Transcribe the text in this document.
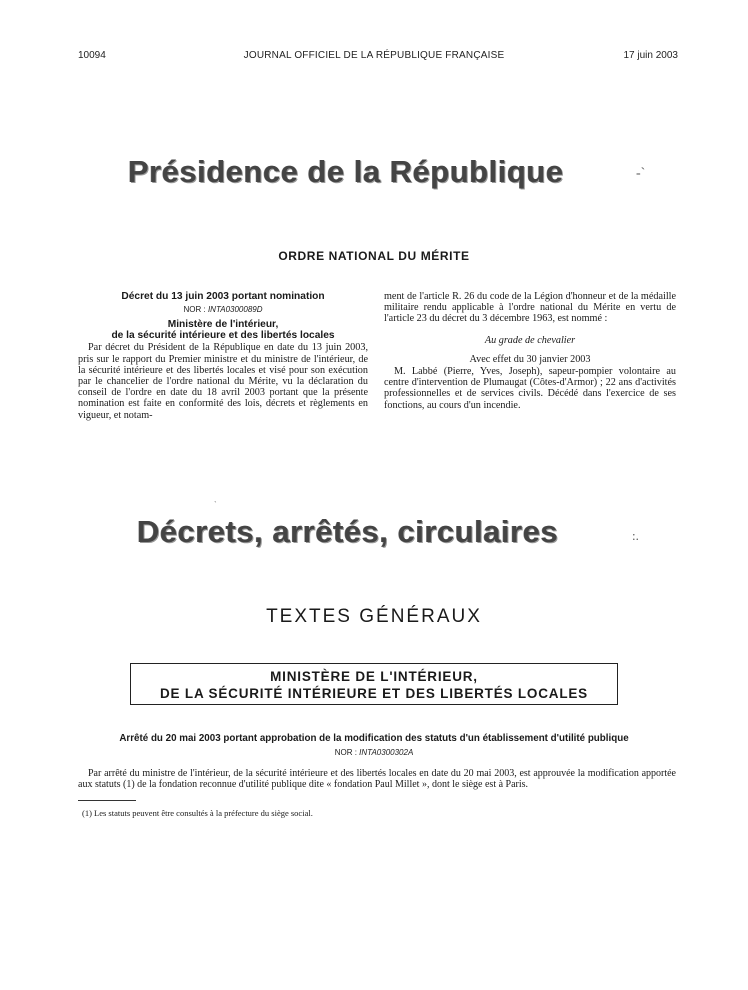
10094	JOURNAL OFFICIEL DE LA RÉPUBLIQUE FRANÇAISE	17 juin 2003
Présidence de la République	-`
ORDRE NATIONAL DU MÉRITE

Décret du 13 juin 2003 portant nomination

NOR : INTA0300089D

Ministère de l'intérieur,

de la sécurité intérieure et des libertés locales

Par décret du Président de la République en date du 13 juin 2003, pris sur le rapport du Premier ministre et du ministre de l'intérieur, de la sécurité intérieure et des libertés locales et visé pour son exécution par le chancelier de l'ordre national du Mérite, vu la déclaration du conseil de l'ordre en date du 18 avril 2003 portant que la présente nomination est faite en conformité des lois, décrets et règlements en vigueur, et notam-

ment de l'article R. 26 du code de la Légion d'honneur et de la médaille militaire rendu applicable à l'ordre national du Mérite en vertu de l'article 23 du décret du 3 décembre 1963, est nommé :

Au grade de chevalier

Avec effet du 30 janvier 2003

M. Labbé (Pierre, Yves, Joseph), sapeur-pompier volontaire au centre d'intervention de Plumaugat (Côtes-d'Armor) ; 22 ans d'activités professionnelles et de services civils. Décédé dans l'exercice de ses fonctions, au cours d'un incendie.

`
Décrets, arrêtés, circulaires	:.
TEXTES GÉNÉRAUX
MINISTÈRE DE L'INTÉRIEUR,
DE LA SÉCURITÉ INTÉRIEURE ET DES LIBERTÉS LOCALES
Arrêté du 20 mai 2003 portant approbation de la modification des statuts d'un établissement d'utilité publique
NOR : INTA0300302A
Par arrêté du ministre de l'intérieur, de la sécurité intérieure et des libertés locales en date du 20 mai 2003, est approuvée la modification apportée aux statuts (1) de la fondation reconnue d'utilité publique dite « fondation Paul Millet », dont le siège est à Paris.
(1) Les statuts peuvent être consultés à la préfecture du siège social.
